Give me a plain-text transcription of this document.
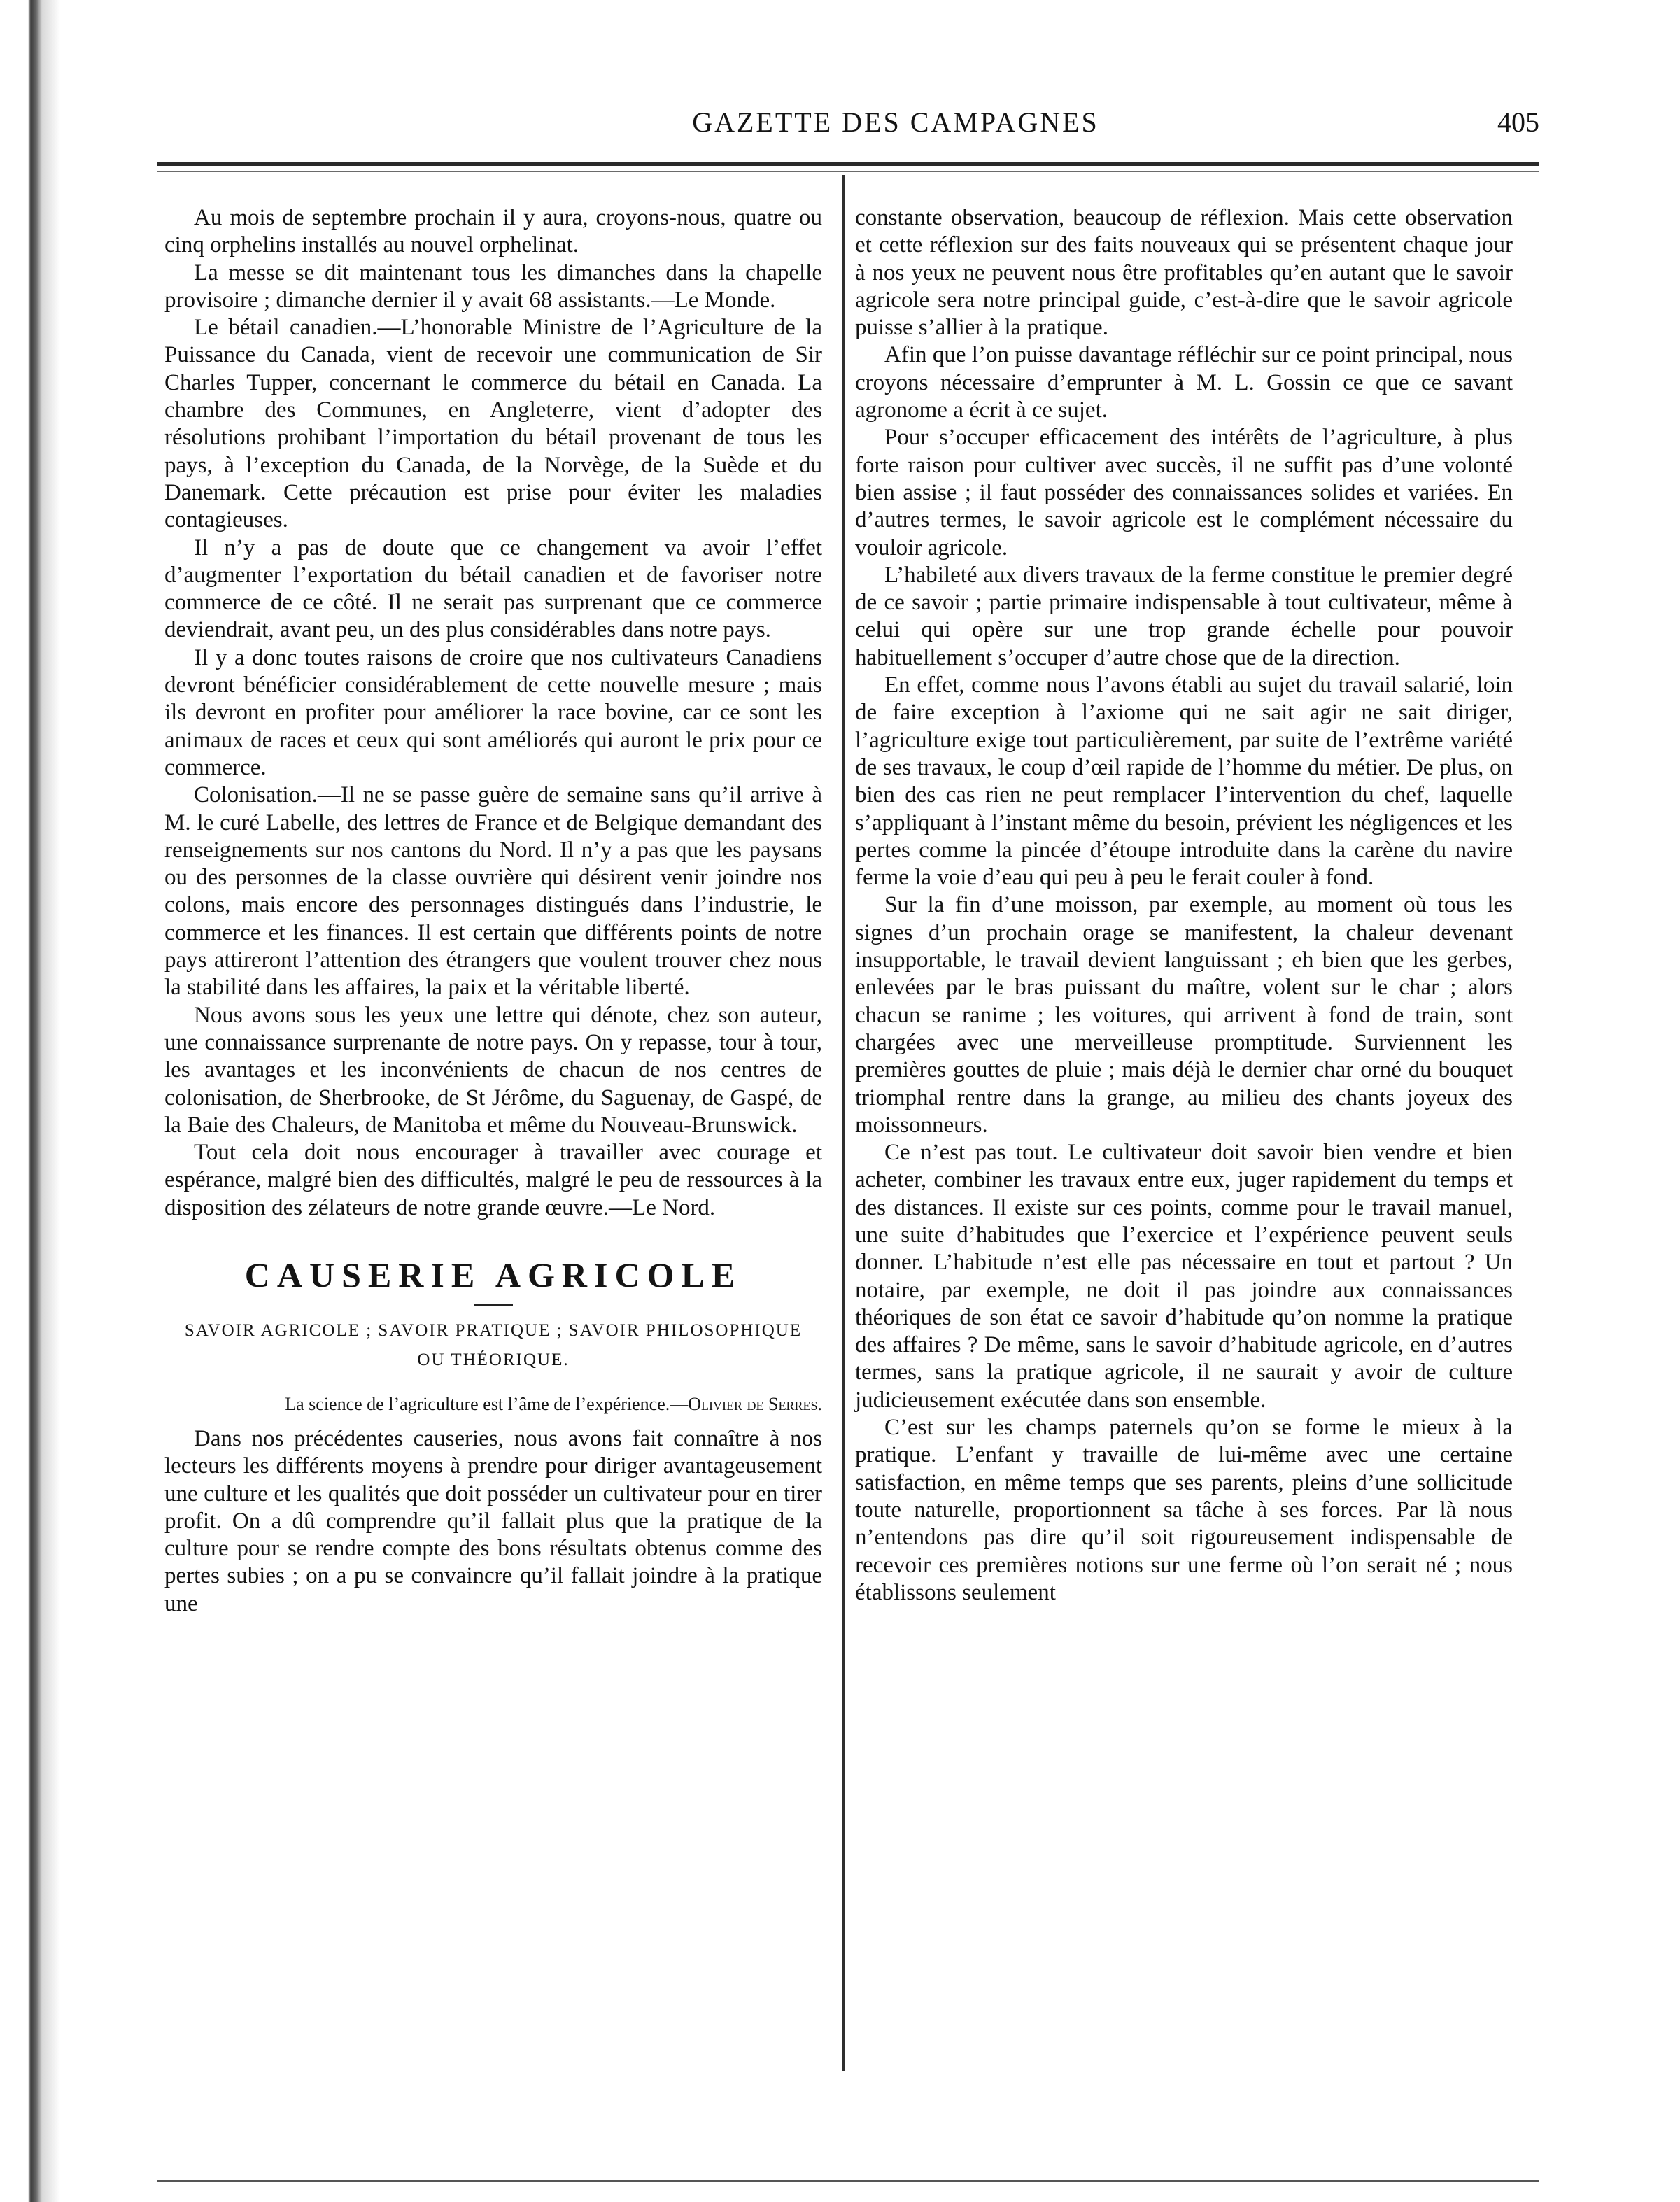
GAZETTE DES CAMPAGNES	405

Au mois de septembre prochain il y aura, croyons-nous, quatre ou cinq orphelins installés au nouvel orphelinat.

La messe se dit maintenant tous les dimanches dans la chapelle provisoire ; dimanche dernier il y avait 68 assistants.—Le Monde.

Le bétail canadien.—L’honorable Ministre de l’Agriculture de la Puissance du Canada, vient de recevoir une communication de Sir Charles Tupper, concernant le commerce du bétail en Canada. La chambre des Communes, en Angleterre, vient d’adopter des résolutions prohibant l’importation du bétail provenant de tous les pays, à l’exception du Canada, de la Norvège, de la Suède et du Danemark. Cette précaution est prise pour éviter les maladies contagieuses.

Il n’y a pas de doute que ce changement va avoir l’effet d’augmenter l’exportation du bétail canadien et de favoriser notre commerce de ce côté. Il ne serait pas surprenant que ce commerce deviendrait, avant peu, un des plus considérables dans notre pays.

Il y a donc toutes raisons de croire que nos cultivateurs Canadiens devront bénéficier considérablement de cette nouvelle mesure ; mais ils devront en profiter pour améliorer la race bovine, car ce sont les animaux de races et ceux qui sont améliorés qui auront le prix pour ce commerce.

Colonisation.—Il ne se passe guère de semaine sans qu’il arrive à M. le curé Labelle, des lettres de France et de Belgique demandant des renseignements sur nos cantons du Nord. Il n’y a pas que les paysans ou des personnes de la classe ouvrière qui désirent venir joindre nos colons, mais encore des personnages distingués dans l’industrie, le commerce et les finances. Il est certain que différents points de notre pays attireront l’attention des étrangers que voulent trouver chez nous la stabilité dans les affaires, la paix et la véritable liberté.

Nous avons sous les yeux une lettre qui dénote, chez son auteur, une connaissance surprenante de notre pays. On y repasse, tour à tour, les avantages et les inconvénients de chacun de nos centres de colonisation, de Sherbrooke, de St Jérôme, du Saguenay, de Gaspé, de la Baie des Chaleurs, de Manitoba et même du Nouveau-Brunswick.

Tout cela doit nous encourager à travailler avec courage et espérance, malgré bien des difficultés, malgré le peu de ressources à la disposition des zélateurs de notre grande œuvre.—Le Nord.

CAUSERIE AGRICOLE
SAVOIR AGRICOLE ; SAVOIR PRATIQUE ; SAVOIR PHILOSOPHIQUE OU THÉORIQUE.
La science de l’agriculture est l’âme de l’expérience.—Olivier de Serres.

Dans nos précédentes causeries, nous avons fait connaître à nos lecteurs les différents moyens à prendre pour diriger avantageusement une culture et les qualités que doit posséder un cultivateur pour en tirer profit. On a dû comprendre qu’il fallait plus que la pratique de la culture pour se rendre compte des bons résultats obtenus comme des pertes subies ; on a pu se convaincre qu’il fallait joindre à la pratique une

constante observation, beaucoup de réflexion. Mais cette observation et cette réflexion sur des faits nouveaux qui se présentent chaque jour à nos yeux ne peuvent nous être profitables qu’en autant que le savoir agricole sera notre principal guide, c’est-à-dire que le savoir agricole puisse s’allier à la pratique.

Afin que l’on puisse davantage réfléchir sur ce point principal, nous croyons nécessaire d’emprunter à M. L. Gossin ce que ce savant agronome a écrit à ce sujet.

Pour s’occuper efficacement des intérêts de l’agriculture, à plus forte raison pour cultiver avec succès, il ne suffit pas d’une volonté bien assise ; il faut posséder des connaissances solides et variées. En d’autres termes, le savoir agricole est le complément nécessaire du vouloir agricole.

L’habileté aux divers travaux de la ferme constitue le premier degré de ce savoir ; partie primaire indispensable à tout cultivateur, même à celui qui opère sur une trop grande échelle pour pouvoir habituellement s’occuper d’autre chose que de la direction.

En effet, comme nous l’avons établi au sujet du travail salarié, loin de faire exception à l’axiome qui ne sait agir ne sait diriger, l’agriculture exige tout particulièrement, par suite de l’extrême variété de ses travaux, le coup d’œil rapide de l’homme du métier. De plus, on bien des cas rien ne peut remplacer l’intervention du chef, laquelle s’appliquant à l’instant même du besoin, prévient les négligences et les pertes comme la pincée d’étoupe introduite dans la carène du navire ferme la voie d’eau qui peu à peu le ferait couler à fond.

Sur la fin d’une moisson, par exemple, au moment où tous les signes d’un prochain orage se manifestent, la chaleur devenant insupportable, le travail devient languissant ; eh bien que les gerbes, enlevées par le bras puissant du maître, volent sur le char ; alors chacun se ranime ; les voitures, qui arrivent à fond de train, sont chargées avec une merveilleuse promptitude. Surviennent les premières gouttes de pluie ; mais déjà le dernier char orné du bouquet triomphal rentre dans la grange, au milieu des chants joyeux des moissonneurs.

Ce n’est pas tout. Le cultivateur doit savoir bien vendre et bien acheter, combiner les travaux entre eux, juger rapidement du temps et des distances. Il existe sur ces points, comme pour le travail manuel, une suite d’habitudes que l’exercice et l’expérience peuvent seuls donner. L’habitude n’est elle pas nécessaire en tout et partout ? Un notaire, par exemple, ne doit il pas joindre aux connaissances théoriques de son état ce savoir d’habitude qu’on nomme la pratique des affaires ? De même, sans le savoir d’habitude agricole, en d’autres termes, sans la pratique agricole, il ne saurait y avoir de culture judicieusement exécutée dans son ensemble.

C’est sur les champs paternels qu’on se forme le mieux à la pratique. L’enfant y travaille de lui-même avec une certaine satisfaction, en même temps que ses parents, pleins d’une sollicitude toute naturelle, proportionnent sa tâche à ses forces. Par là nous n’entendons pas dire qu’il soit rigoureusement indispensable de recevoir ces premières notions sur une ferme où l’on serait né ; nous établissons seulement
